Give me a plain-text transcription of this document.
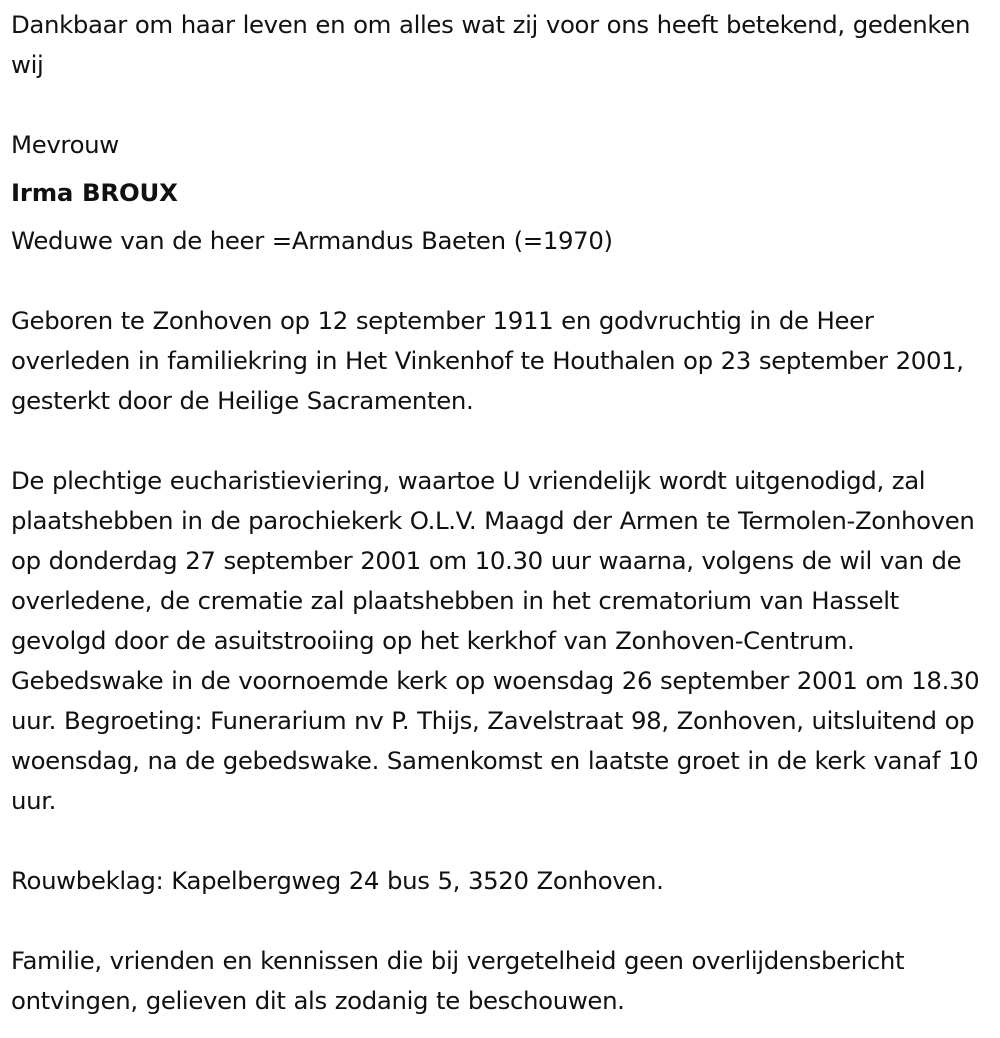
Dankbaar om haar leven en om alles wat zij voor ons heeft betekend, gedenken wij

Mevrouw

Irma BROUX

Weduwe van de heer =Armandus Baeten (=1970)

Geboren te Zonhoven op 12 september 1911 en godvruchtig in de Heer overleden in familiekring in Het Vinkenhof te Houthalen op 23 september 2001, gesterkt door de Heilige Sacramenten.

De plechtige eucharistieviering, waartoe U vriendelijk wordt uitgenodigd, zal plaatshebben in de parochiekerk O.L.V. Maagd der Armen te Termolen-Zonhoven op donderdag 27 september 2001 om 10.30 uur waarna, volgens de wil van de overledene, de crematie zal plaatshebben in het crematorium van Hasselt gevolgd door de asuitstrooiing op het kerkhof van Zonhoven-Centrum. Gebedswake in de voornoemde kerk op woensdag 26 september 2001 om 18.30 uur. Begroeting: Funerarium nv P. Thijs, Zavelstraat 98, Zonhoven, uitsluitend op woensdag, na de gebedswake. Samenkomst en laatste groet in de kerk vanaf 10 uur.

Rouwbeklag: Kapelbergweg 24 bus 5, 3520 Zonhoven.

Familie, vrienden en kennissen die bij vergetelheid geen overlijdensbericht ontvingen, gelieven dit als zodanig te beschouwen.
